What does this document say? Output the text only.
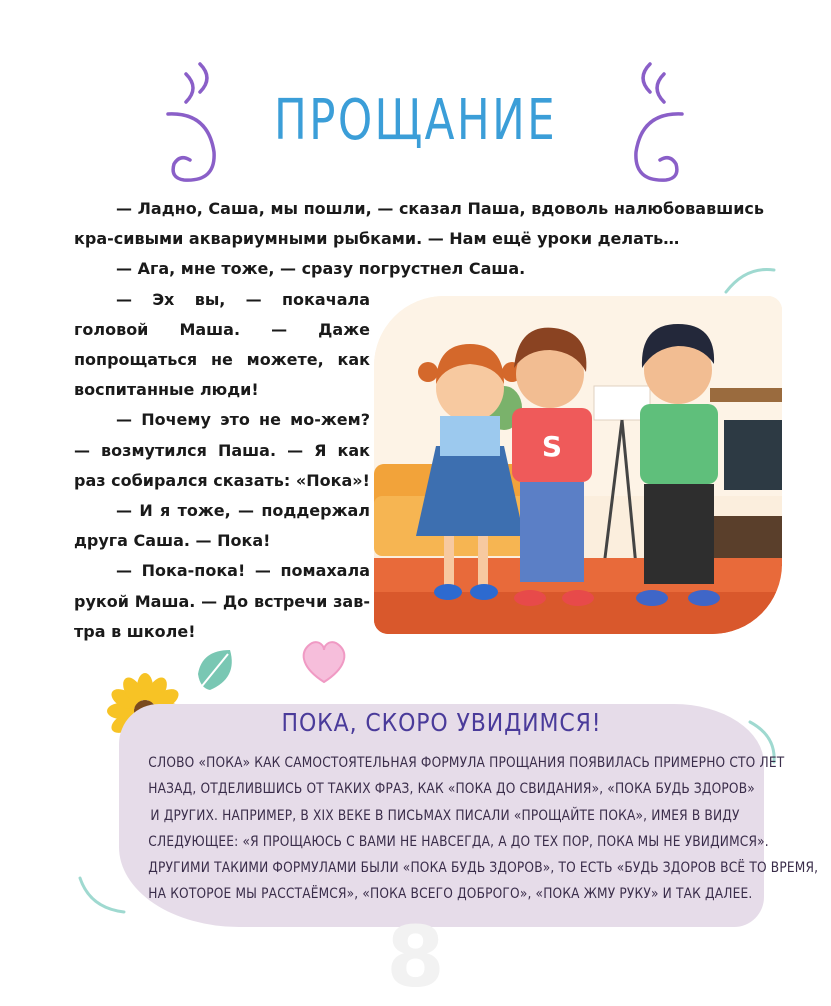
ПРОЩАНИЕ

— Ладно, Саша, мы пошли, — сказал Паша, вдоволь налюбовавшись кра-сивыми аквариумными рыбками. — Нам ещё уроки делать…

— Ага, мне тоже, — сразу погрустнел Саша.

— Эх вы, — покачала головой Маша. — Даже попрощаться не можете, как воспитанные люди!

— Почему это не мо-жем? — возмутился Паша. — Я как раз собирался сказать: «Пока»!

— И я тоже, — поддержал друга Саша. — Пока!

— Пока-пока! — помахала рукой Маша. — До встречи зав-тра в школе!

S
ПОКА, СКОРО УВИДИМСЯ!
СЛОВО «ПОКА» КАК САМОСТОЯТЕЛЬНАЯ ФОРМУЛА ПРОЩАНИЯ ПОЯВИЛАСЬ ПРИМЕРНО СТО ЛЕТ
НАЗАД, ОТДЕЛИВШИСЬ ОТ ТАКИХ ФРАЗ, КАК «ПОКА ДО СВИДАНИЯ», «ПОКА БУДЬ ЗДОРОВ»
И ДРУГИХ. НАПРИМЕР, В XIX ВЕКЕ В ПИСЬМАХ ПИСАЛИ «ПРОЩАЙТЕ ПОКА», ИМЕЯ В ВИДУ
СЛЕДУЮЩЕЕ: «Я ПРОЩАЮСЬ С ВАМИ НЕ НАВСЕГДА, А ДО ТЕХ ПОР, ПОКА МЫ НЕ УВИДИМСЯ».
ДРУГИМИ ТАКИМИ ФОРМУЛАМИ БЫЛИ «ПОКА БУДЬ ЗДОРОВ», ТО ЕСТЬ «БУДЬ ЗДОРОВ ВСЁ ТО ВРЕМЯ,
НА КОТОРОЕ МЫ РАССТАЁМСЯ», «ПОКА ВСЕГО ДОБРОГО», «ПОКА ЖМУ РУКУ» И ТАК ДАЛЕЕ.
8
